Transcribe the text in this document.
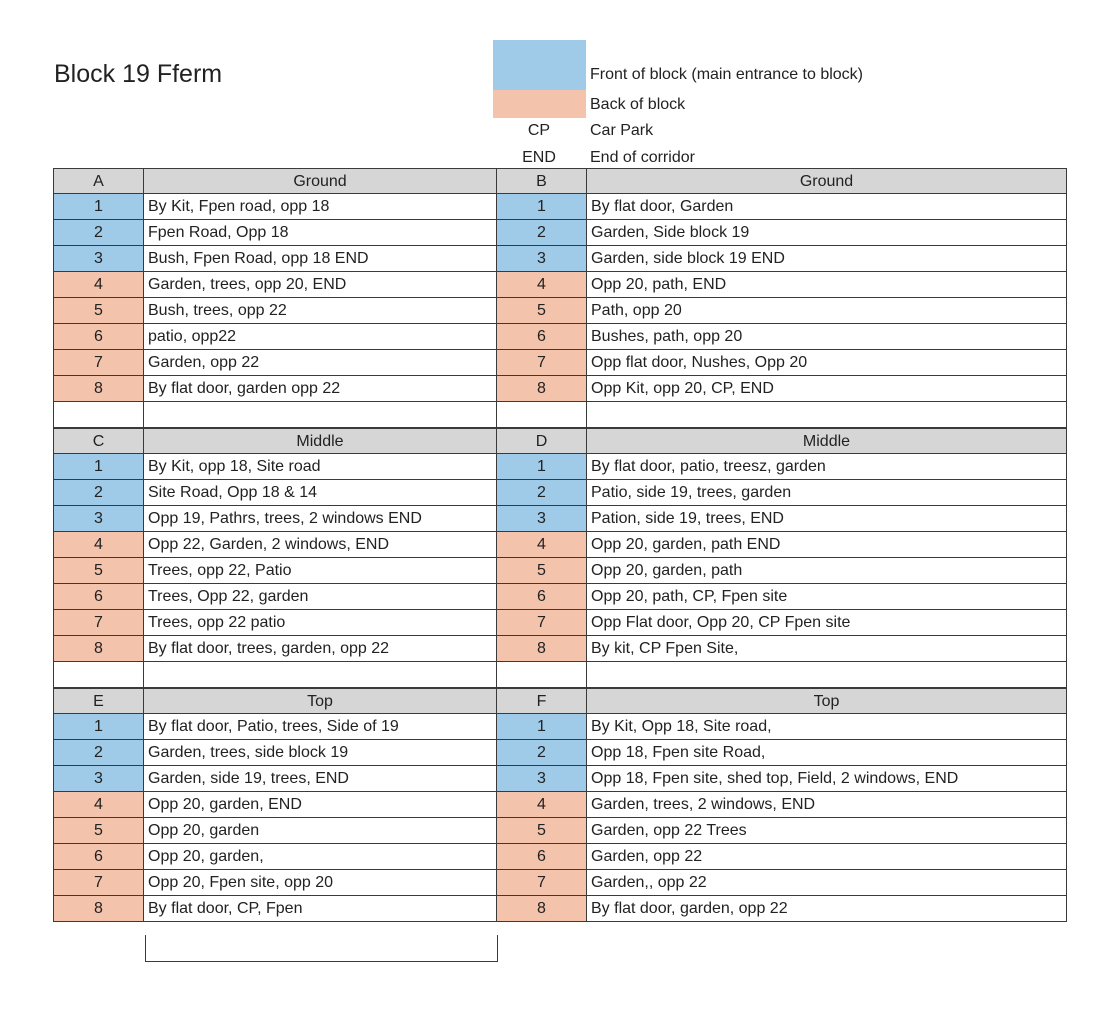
Block 19 Fferm	Front of block (main entrance to block)
Back of block
CP	Car Park
END	End of corridor
A	Ground
1	By Kit, Fpen road, opp 18
2	Fpen Road, Opp 18
3	Bush, Fpen Road, opp 18 END
4	Garden, trees, opp 20, END
5	Bush, trees, opp 22
6	patio, opp22
7	Garden, opp 22
8	By flat door, garden opp 22
B	Ground
1	By flat door, Garden
2	Garden, Side block 19
3	Garden, side block 19 END
4	Opp 20, path, END
5	Path, opp 20
6	Bushes, path, opp 20
7	Opp flat door, Nushes, Opp 20
8	Opp Kit, opp 20, CP, END
C	Middle
1	By Kit, opp 18, Site road
2	Site Road, Opp 18 & 14
3	Opp 19, Pathrs, trees, 2 windows END
4	Opp 22, Garden, 2 windows, END
5	Trees, opp 22, Patio
6	Trees, Opp 22, garden
7	Trees, opp 22 patio
8	By flat door, trees, garden, opp 22
D	Middle
1	By flat door, patio, treesz, garden
2	Patio, side 19, trees, garden
3	Pation, side 19, trees, END
4	Opp 20, garden, path END
5	Opp 20, garden, path
6	Opp 20, path, CP, Fpen site
7	Opp Flat door, Opp 20, CP Fpen site
8	By kit, CP Fpen Site,
E	Top
1	By flat door, Patio, trees, Side of 19
2	Garden, trees, side block 19
3	Garden, side 19, trees, END
4	Opp 20, garden, END
5	Opp 20, garden
6	Opp 20, garden,
7	Opp 20, Fpen site, opp 20
8	By flat door, CP, Fpen
F	Top
1	By Kit, Opp 18, Site road,
2	Opp 18, Fpen site Road,
3	Opp 18, Fpen site, shed top, Field, 2 windows, END
4	Garden, trees, 2 windows, END
5	Garden, opp 22 Trees
6	Garden, opp 22
7	Garden,, opp 22
8	By flat door, garden, opp 22
